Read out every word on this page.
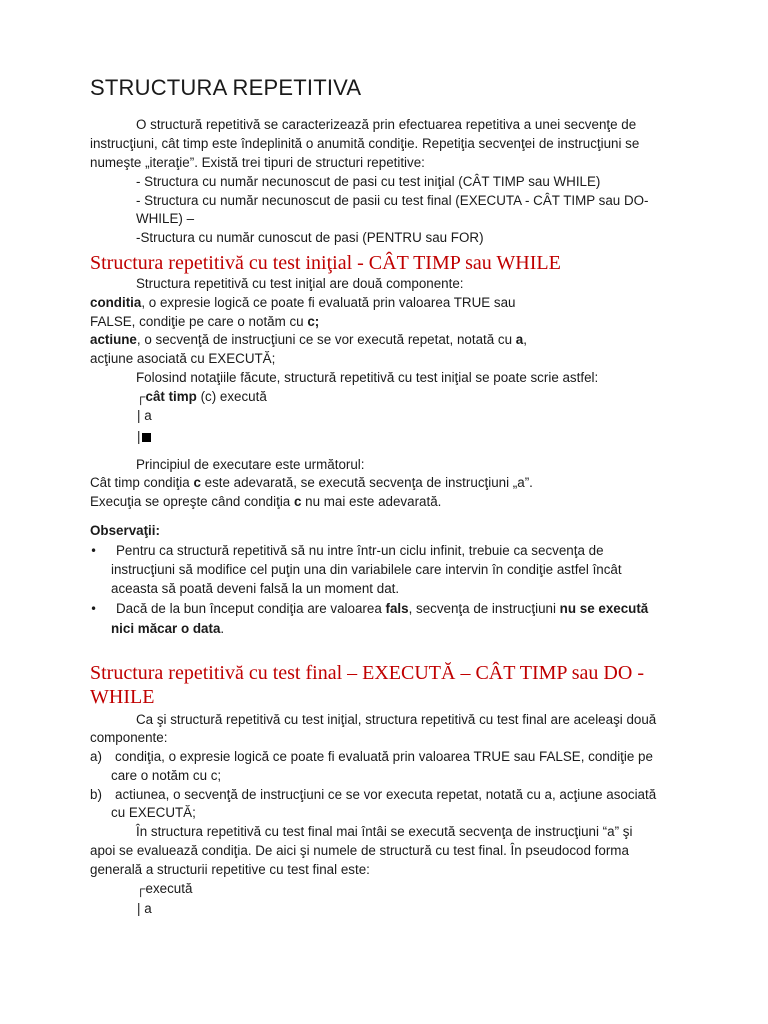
STRUCTURA REPETITIVA
O structură repetitivă se caracterizează prin efectuarea repetitiva a unei secvenţe de
instrucţiuni, cât timp este îndeplinită o anumită condiţie. Repetiţia secvenţei de instrucţiuni se
numeşte „iteraţie”. Există trei tipuri de structuri repetitive:
- Structura cu număr necunoscut de pasi cu test iniţial (CÂT TIMP sau WHILE)
- Structura cu număr necunoscut de pasii cu test final (EXECUTA - CÂT TIMP sau DO-
WHILE) –
-Structura cu număr cunoscut de pasi (PENTRU sau FOR)
Structura repetitivă cu test iniţial - CÂT TIMP sau WHILE
Structura repetitivă cu test iniţial are două componente:
conditia, o expresie logică ce poate fi evaluată prin valoarea TRUE sau
FALSE, condiţie pe care o notăm cu c;
actiune, o secvenţă de instrucţiuni ce se vor execută repetat, notată cu a,
acţiune asociată cu EXECUTĂ;
Folosind notaţiile făcute, structură repetitivă cu test iniţial se poate scrie astfel:
┌cât timp (c) execută
| a
|
Principiul de executare este următorul:
Cât timp condiţia c este adevarată, se execută secvenţa de instrucţiuni „a”.
Execuţia se opreşte când condiţia c nu mai este adevarată.
Observaţii:
• Pentru ca structură repetitivă să nu intre într-un ciclu infinit, trebuie ca secvenţa de
instrucţiuni să modifice cel puţin una din variabilele care intervin în condiţie astfel încât
aceasta să poată deveni falsă la un moment dat.
• Dacă de la bun început condiţia are valoarea fals, secvenţa de instrucţiuni nu se execută
nici măcar o data.
Structura repetitivă cu test final – EXECUTĂ – CÂT TIMP sau DO -
WHILE
Ca şi structură repetitivă cu test iniţial, structura repetitivă cu test final are aceleaşi două
componente:
a) condiţia, o expresie logică ce poate fi evaluată prin valoarea TRUE sau FALSE, condiţie pe
care o notăm cu c;
b) actiunea, o secvenţă de instrucţiuni ce se vor executa repetat, notată cu a, acţiune asociată
cu EXECUTĂ;
În structura repetitivă cu test final mai întâi se execută secvenţa de instrucţiuni “a” şi
apoi se evaluează condiţia. De aici şi numele de structură cu test final. În pseudocod forma
generală a structurii repetitive cu test final este:
┌execută
| a
